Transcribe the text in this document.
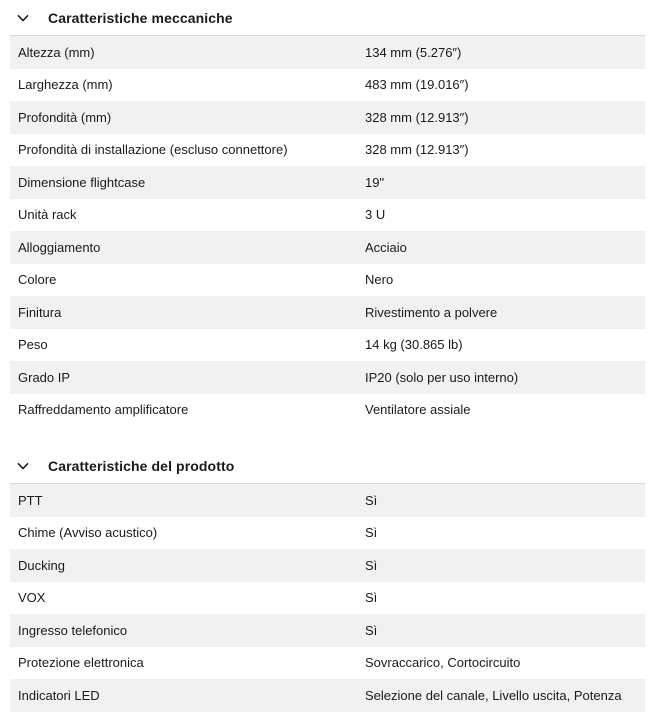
Caratteristiche meccaniche
Altezza (mm)	134 mm (5.276″)
Larghezza (mm)	483 mm (19.016″)
Profondità (mm)	328 mm (12.913″)
Profondità di installazione (escluso connettore)	328 mm (12.913″)
Dimensione flightcase	19"
Unità rack	3 U
Alloggiamento	Acciaio
Colore	Nero
Finitura	Rivestimento a polvere
Peso	14 kg (30.865 lb)
Grado IP	IP20 (solo per uso interno)
Raffreddamento amplificatore	Ventilatore assiale
Caratteristiche del prodotto
PTT	Sì
Chime (Avviso acustico)	Sì
Ducking	Sì
VOX	Sì
Ingresso telefonico	Sì
Protezione elettronica	Sovraccarico, Cortocircuito
Indicatori LED	Selezione del canale, Livello uscita, Potenza
